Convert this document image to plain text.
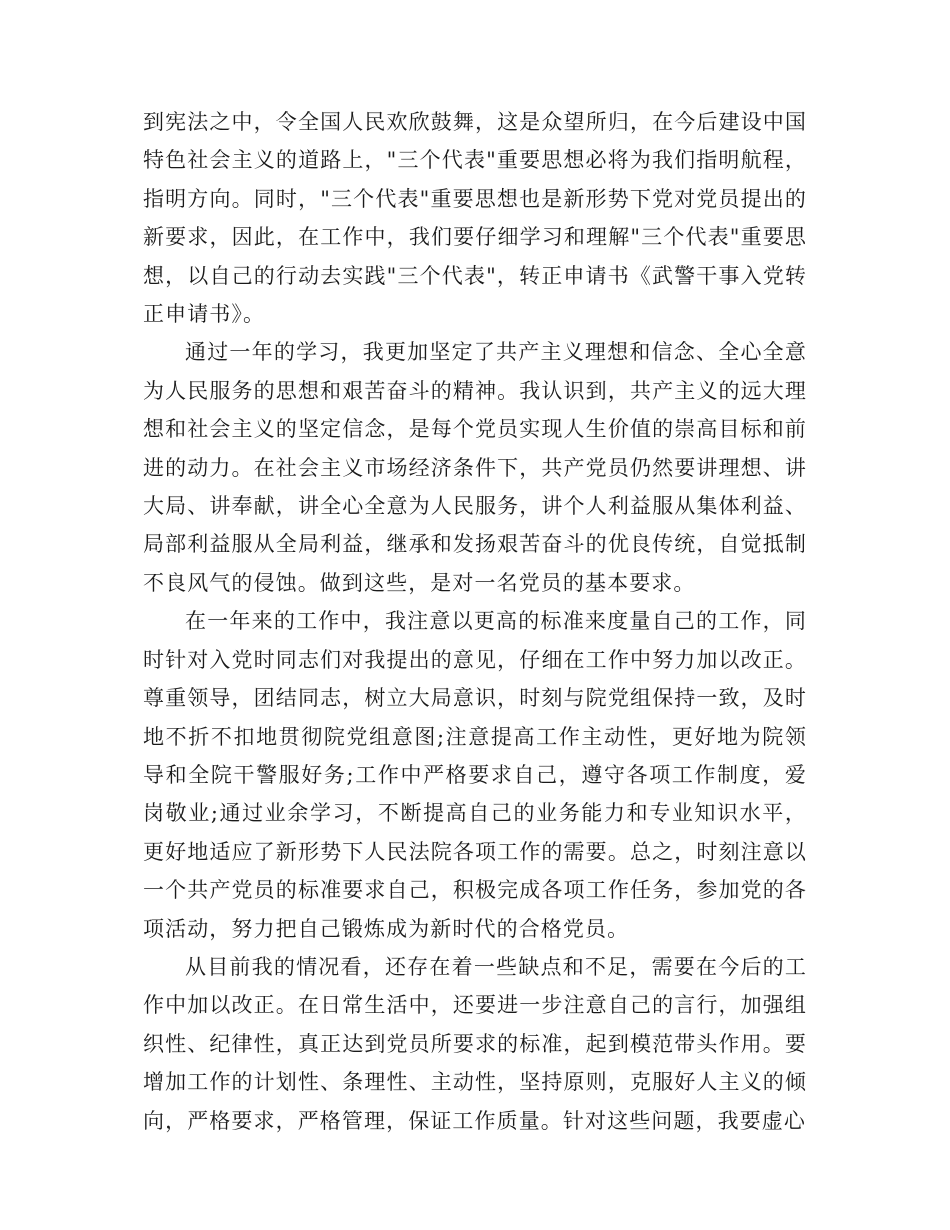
到宪法之中，令全国人民欢欣鼓舞，这是众望所归，在今后建设中国特色社会主义的道路上，"三个代表"重要思想必将为我们指明航程，指明方向。同时，"三个代表"重要思想也是新形势下党对党员提出的新要求，因此，在工作中，我们要仔细学习和理解"三个代表"重要思想，以自己的行动去实践"三个代表"，转正申请书《武警干事入党转正申请书》。

通过一年的学习，我更加坚定了共产主义理想和信念、全心全意为人民服务的思想和艰苦奋斗的精神。我认识到，共产主义的远大理想和社会主义的坚定信念，是每个党员实现人生价值的崇高目标和前进的动力。在社会主义市场经济条件下，共产党员仍然要讲理想、讲大局、讲奉献，讲全心全意为人民服务，讲个人利益服从集体利益、局部利益服从全局利益，继承和发扬艰苦奋斗的优良传统，自觉抵制不良风气的侵蚀。做到这些，是对一名党员的基本要求。

在一年来的工作中，我注意以更高的标准来度量自己的工作，同时针对入党时同志们对我提出的意见，仔细在工作中努力加以改正。尊重领导，团结同志，树立大局意识，时刻与院党组保持一致，及时地不折不扣地贯彻院党组意图;注意提高工作主动性，更好地为院领导和全院干警服好务;工作中严格要求自己，遵守各项工作制度，爱岗敬业;通过业余学习，不断提高自己的业务能力和专业知识水平，更好地适应了新形势下人民法院各项工作的需要。总之，时刻注意以一个共产党员的标准要求自己，积极完成各项工作任务，参加党的各项活动，努力把自己锻炼成为新时代的合格党员。

从目前我的情况看，还存在着一些缺点和不足，需要在今后的工作中加以改正。在日常生活中，还要进一步注意自己的言行，加强组织性、纪律性，真正达到党员所要求的标准，起到模范带头作用。要增加工作的计划性、条理性、主动性，坚持原则，克服好人主义的倾向，严格要求，严格管理，保证工作质量。针对这些问题，我要虚心
